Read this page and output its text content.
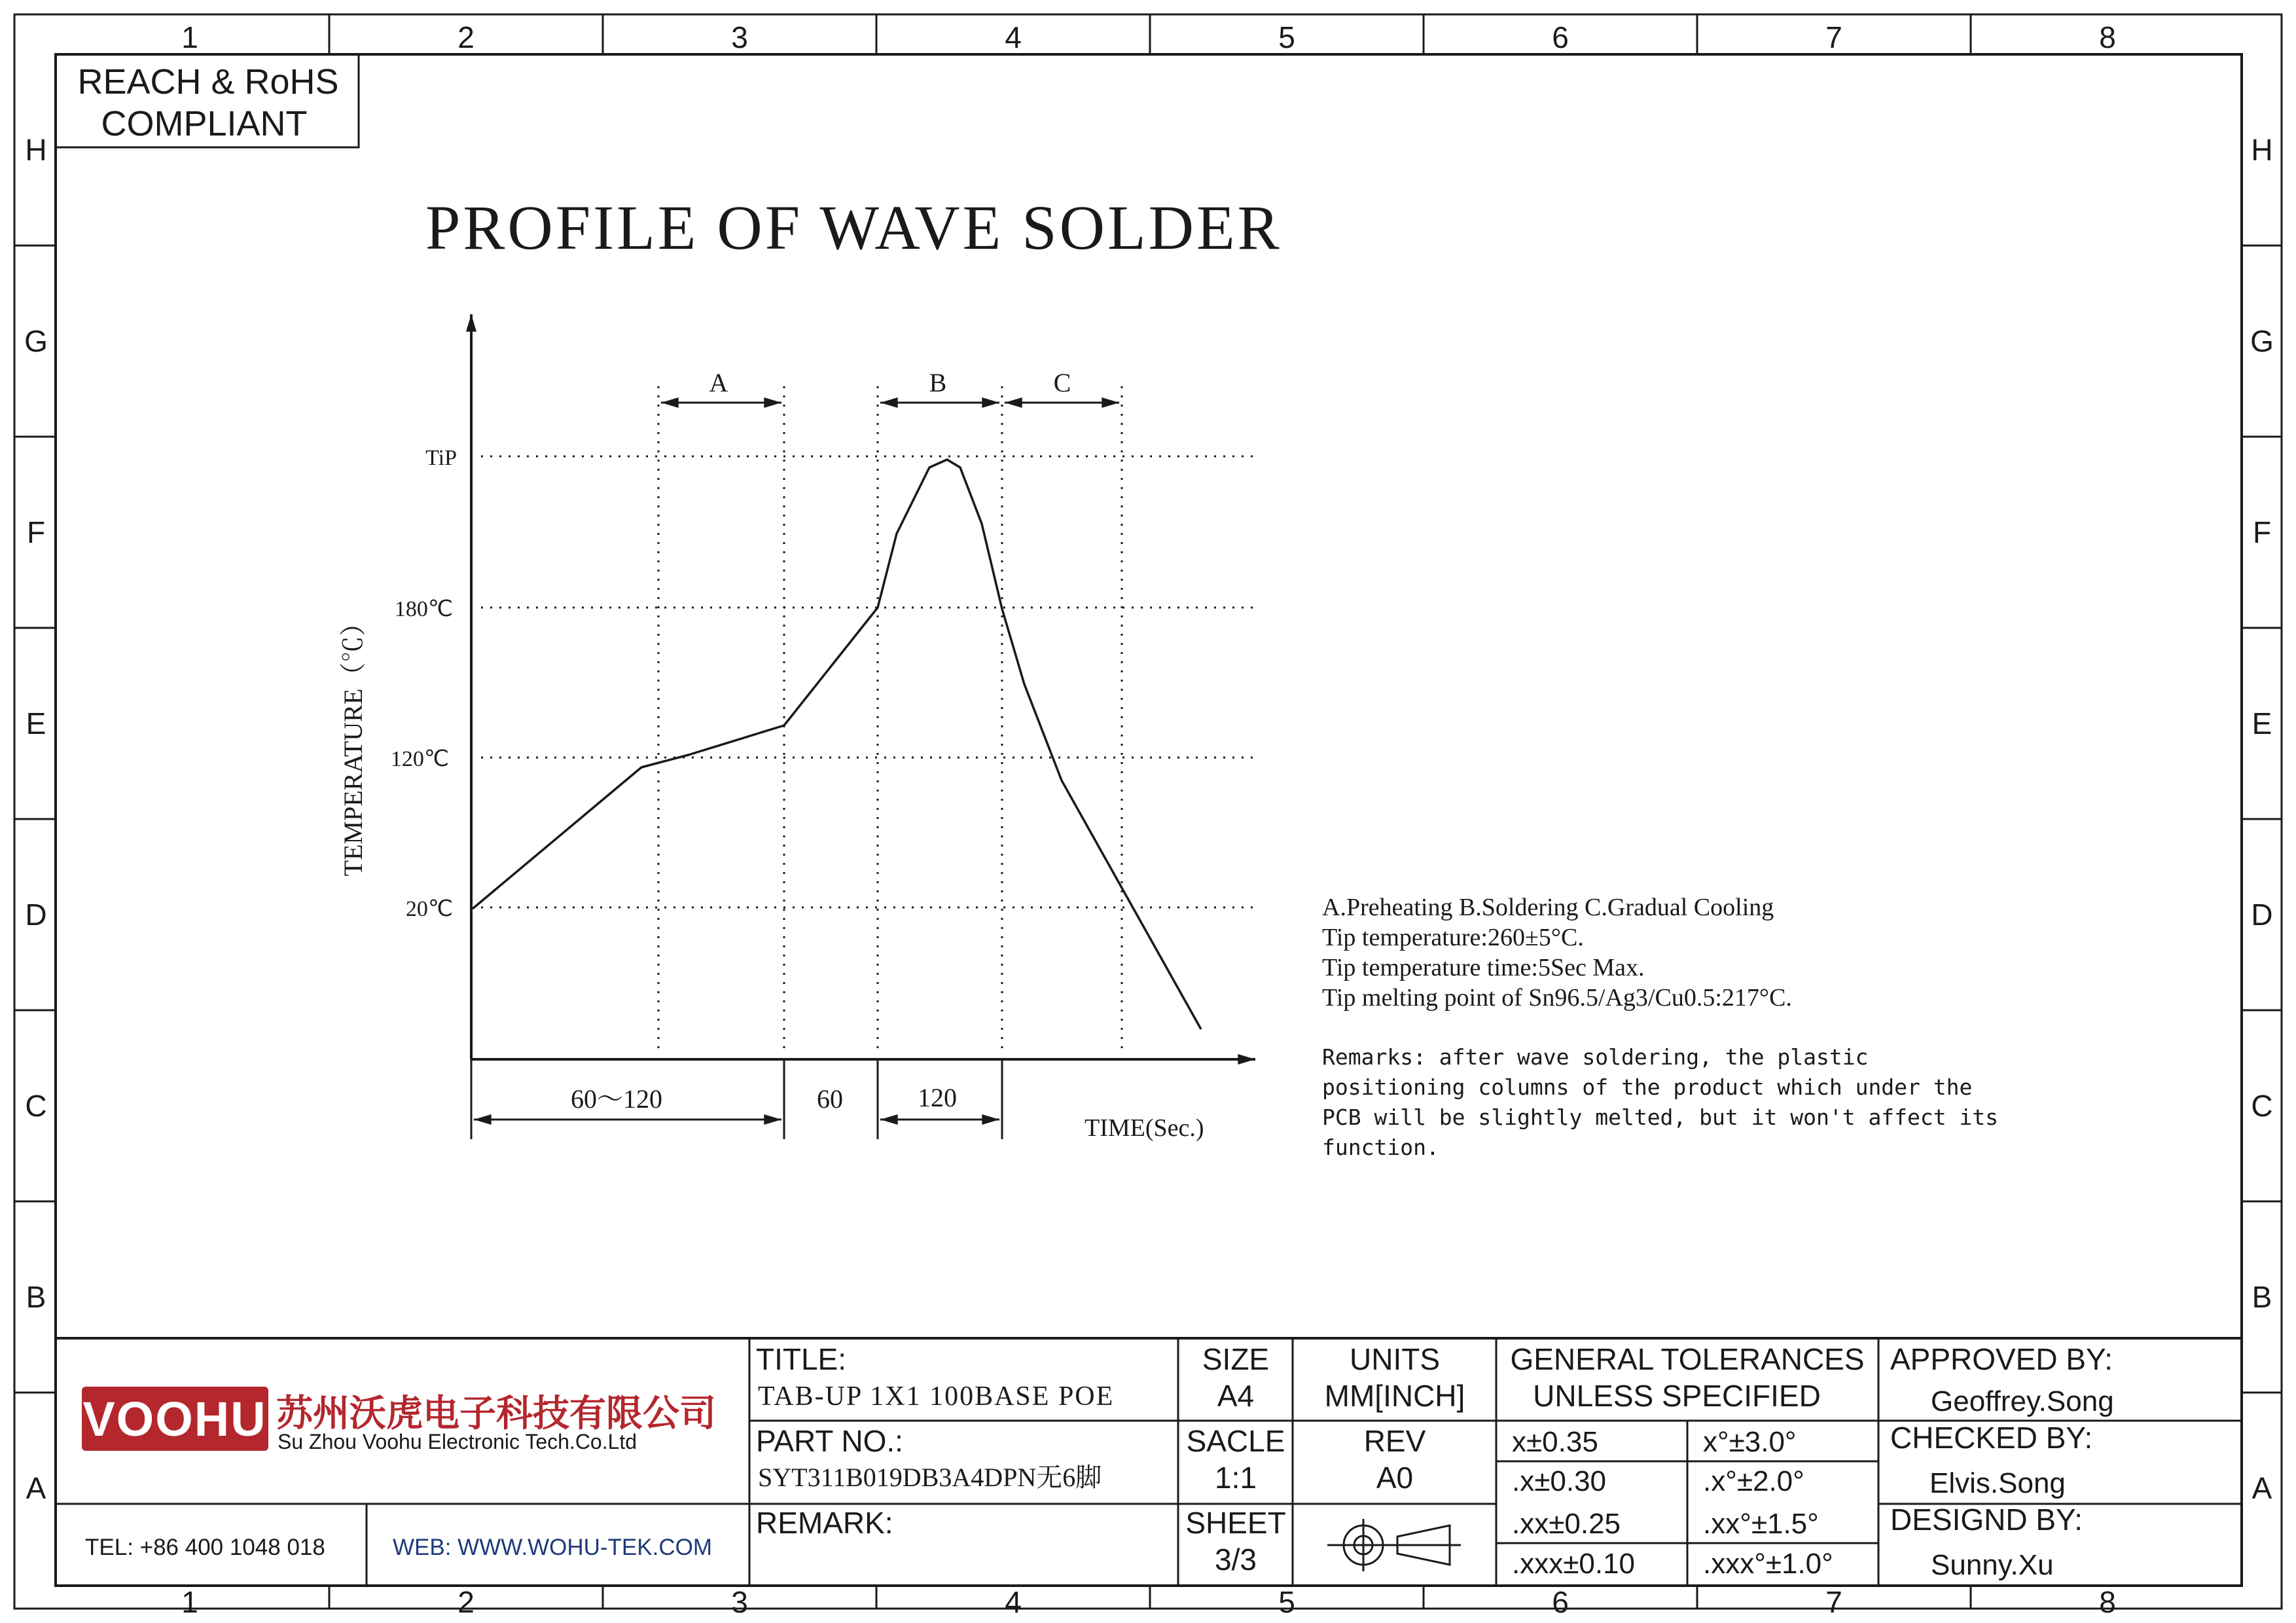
1	2	3	4	5	6	7	8
1	2	3	4	5	6	7	8
H
G
F
E
D
C
B
A
H
G
F
E
D
C
B
A
REACH & RoHS
COMPLIANT
PROFILE OF WAVE SOLDER
TiP
180℃
120℃
20℃
TEMPERATURE（℃）
A	B	C
60～120	60	120
TIME(Sec.)
A.Preheating B.Soldering C.Gradual Cooling
Tip temperature:260±5°C.
Tip temperature time:5Sec Max.
Tip melting point of Sn96.5/Ag3/Cu0.5:217°C.
Remarks: after wave soldering, the plastic
positioning columns of the product which under the
PCB will be slightly melted, but it won't affect its
function.
VOOHU 苏州沃虎电子科技有限公司
Su Zhou Voohu Electronic Tech.Co.Ltd
TEL: +86 400 1048 018	WEB: WWW.WOHU-TEK.COM
TITLE:
TAB-UP 1X1 100BASE POE
PART NO.:
SYT311B019DB3A4DPN无6脚
REMARK:
SIZE
A4
SACLE
1:1
SHEET
3/3
UNITS
MM[INCH]
REV
A0
GENERAL TOLERANCES
UNLESS SPECIFIED
x±0.35	x°±3.0°
.x±0.30	.x°±2.0°
.xx±0.25	.xx°±1.5°
.xxx±0.10 .xxx°±1.0°
APPROVED BY:
Geoffrey.Song
CHECKED BY:
Elvis.Song
DESIGND BY:
Sunny.Xu
